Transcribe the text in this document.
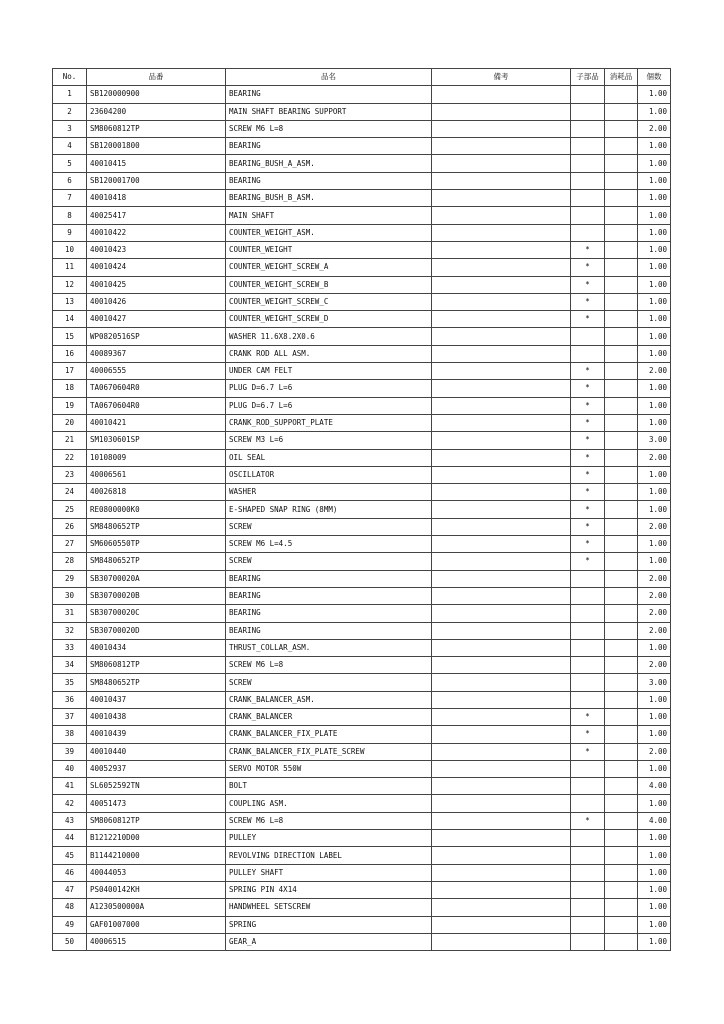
No.	品番	品名	備考	子部品	消耗品	個数
1	SB120000900	BEARING				1.00
2	23604200	MAIN SHAFT BEARING SUPPORT				1.00
3	SM8060812TP	SCREW M6 L=8				2.00
4	SB120001800	BEARING				1.00
5	40010415	BEARING_BUSH_A_ASM.				1.00
6	SB120001700	BEARING				1.00
7	40010418	BEARING_BUSH_B_ASM.				1.00
8	40025417	MAIN SHAFT				1.00
9	40010422	COUNTER_WEIGHT_ASM.				1.00
10	40010423	COUNTER_WEIGHT		*		1.00
11	40010424	COUNTER_WEIGHT_SCREW_A		*		1.00
12	40010425	COUNTER_WEIGHT_SCREW_B		*		1.00
13	40010426	COUNTER_WEIGHT_SCREW_C		*		1.00
14	40010427	COUNTER_WEIGHT_SCREW_D		*		1.00
15	WP0820516SP	WASHER 11.6X8.2X0.6				1.00
16	40089367	CRANK ROD ALL ASM.				1.00
17	40006555	UNDER CAM FELT		*		2.00
18	TA0670604R0	PLUG D=6.7 L=6		*		1.00
19	TA0670604R0	PLUG D=6.7 L=6		*		1.00
20	40010421	CRANK_ROD_SUPPORT_PLATE		*		1.00
21	SM1030601SP	SCREW M3 L=6		*		3.00
22	10108009	OIL SEAL		*		2.00
23	40006561	OSCILLATOR		*		1.00
24	40026818	WASHER		*		1.00
25	RE0800000K0	E-SHAPED SNAP RING (8MM)		*		1.00
26	SM8480652TP	SCREW		*		2.00
27	SM6060550TP	SCREW M6 L=4.5		*		1.00
28	SM8480652TP	SCREW		*		1.00
29	SB30700020A	BEARING				2.00
30	SB30700020B	BEARING				2.00
31	SB30700020C	BEARING				2.00
32	SB30700020D	BEARING				2.00
33	40010434	THRUST_COLLAR_ASM.				1.00
34	SM8060812TP	SCREW M6 L=8				2.00
35	SM8480652TP	SCREW				3.00
36	40010437	CRANK_BALANCER_ASM.				1.00
37	40010438	CRANK_BALANCER		*		1.00
38	40010439	CRANK_BALANCER_FIX_PLATE		*		1.00
39	40010440	CRANK_BALANCER_FIX_PLATE_SCREW		*		2.00
40	40052937	SERVO MOTOR 550W				1.00
41	SL6052592TN	BOLT				4.00
42	40051473	COUPLING ASM.				1.00
43	SM8060812TP	SCREW M6 L=8		*		4.00
44	B1212210D00	PULLEY				1.00
45	B1144210000	REVOLVING DIRECTION LABEL				1.00
46	40044053	PULLEY SHAFT				1.00
47	PS0400142KH	SPRING PIN 4X14				1.00
48	A1230500000A	HANDWHEEL SETSCREW				1.00
49	GAF01007000	SPRING				1.00
50	40006515	GEAR_A				1.00
